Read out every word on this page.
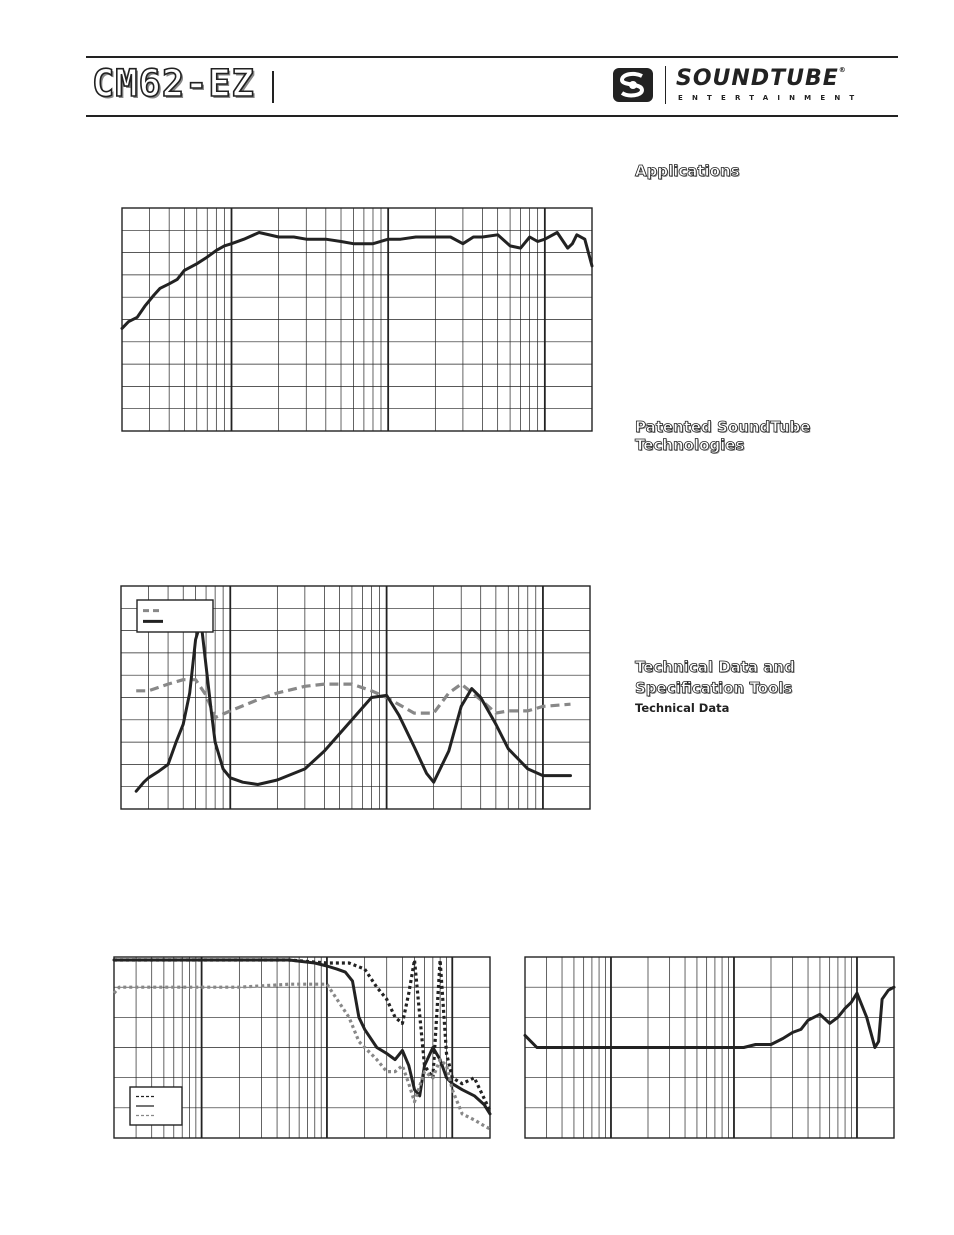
CM62-EZ	SOUNDTUBE®
ENTERTAINMENT
Applications
Patented SoundTube
Technologies
Technical Data and
Specification Tools
Technical Data
